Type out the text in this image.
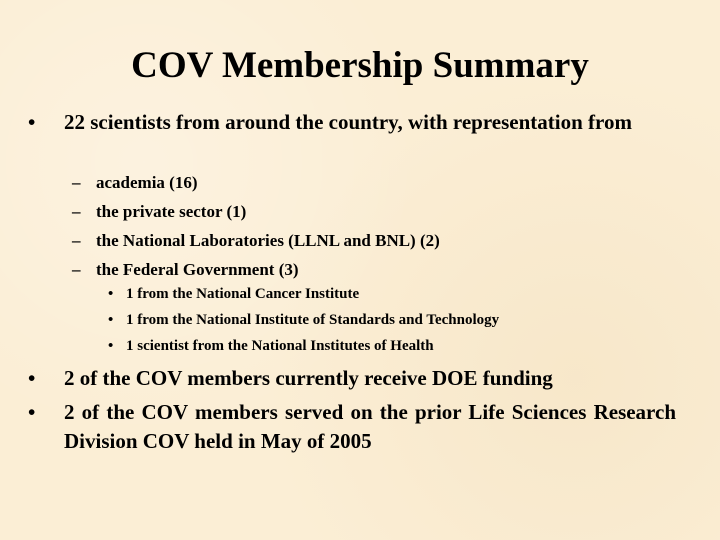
COV Membership Summary
•	22 scientists from around the country, with representation from
– academia (16)
– the private sector (1)
– the National Laboratories (LLNL and BNL) (2)
– the Federal Government (3)
• 1 from the National Cancer Institute
• 1 from the National Institute of Standards and Technology
• 1 scientist from the National Institutes of Health
•	2 of the COV members currently receive DOE funding
•	2 of the COV members served on the prior Life Sciences Research Division COV held in May of 2005
